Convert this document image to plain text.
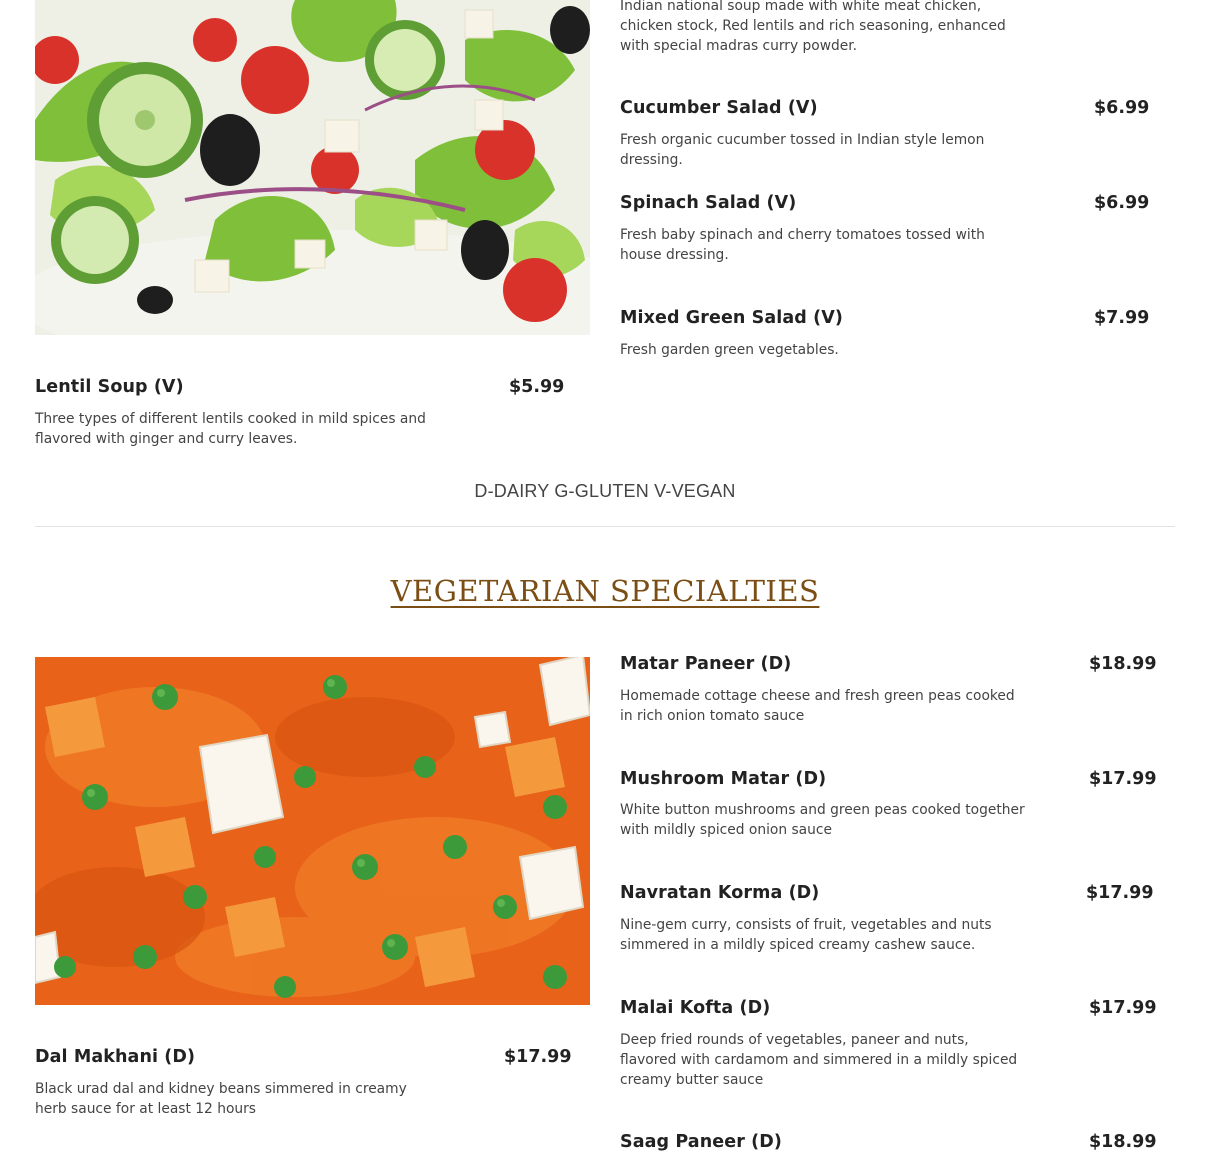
Indian national soup made with white meat chicken, chicken stock, Red lentils and rich seasoning, enhanced with special madras curry powder.
Cucumber Salad (V)	$6.99
Fresh organic cucumber tossed in Indian style lemon dressing.
Spinach Salad (V)	$6.99
Fresh baby spinach and cherry tomatoes tossed with house dressing.
Mixed Green Salad (V)	$7.99
Fresh garden green vegetables.
Lentil Soup (V)	$5.99
Three types of different lentils cooked in mild spices and flavored with ginger and curry leaves.
D-DAIRY G-GLUTEN V-VEGAN
VEGETARIAN SPECIALTIES
Matar Paneer (D)	$18.99
Homemade cottage cheese and fresh green peas cooked in rich onion tomato sauce
Mushroom Matar (D)	$17.99
White button mushrooms and green peas cooked together with mildly spiced onion sauce
Navratan Korma (D)	$17.99
Nine-gem curry, consists of fruit, vegetables and nuts simmered in a mildly spiced creamy cashew sauce.
Malai Kofta (D)	$17.99
Deep fried rounds of vegetables, paneer and nuts, flavored with cardamom and simmered in a mildly spiced creamy butter sauce
Saag Paneer (D)	$18.99
Dal Makhani (D)	$17.99
Black urad dal and kidney beans simmered in creamy herb sauce for at least 12 hours
